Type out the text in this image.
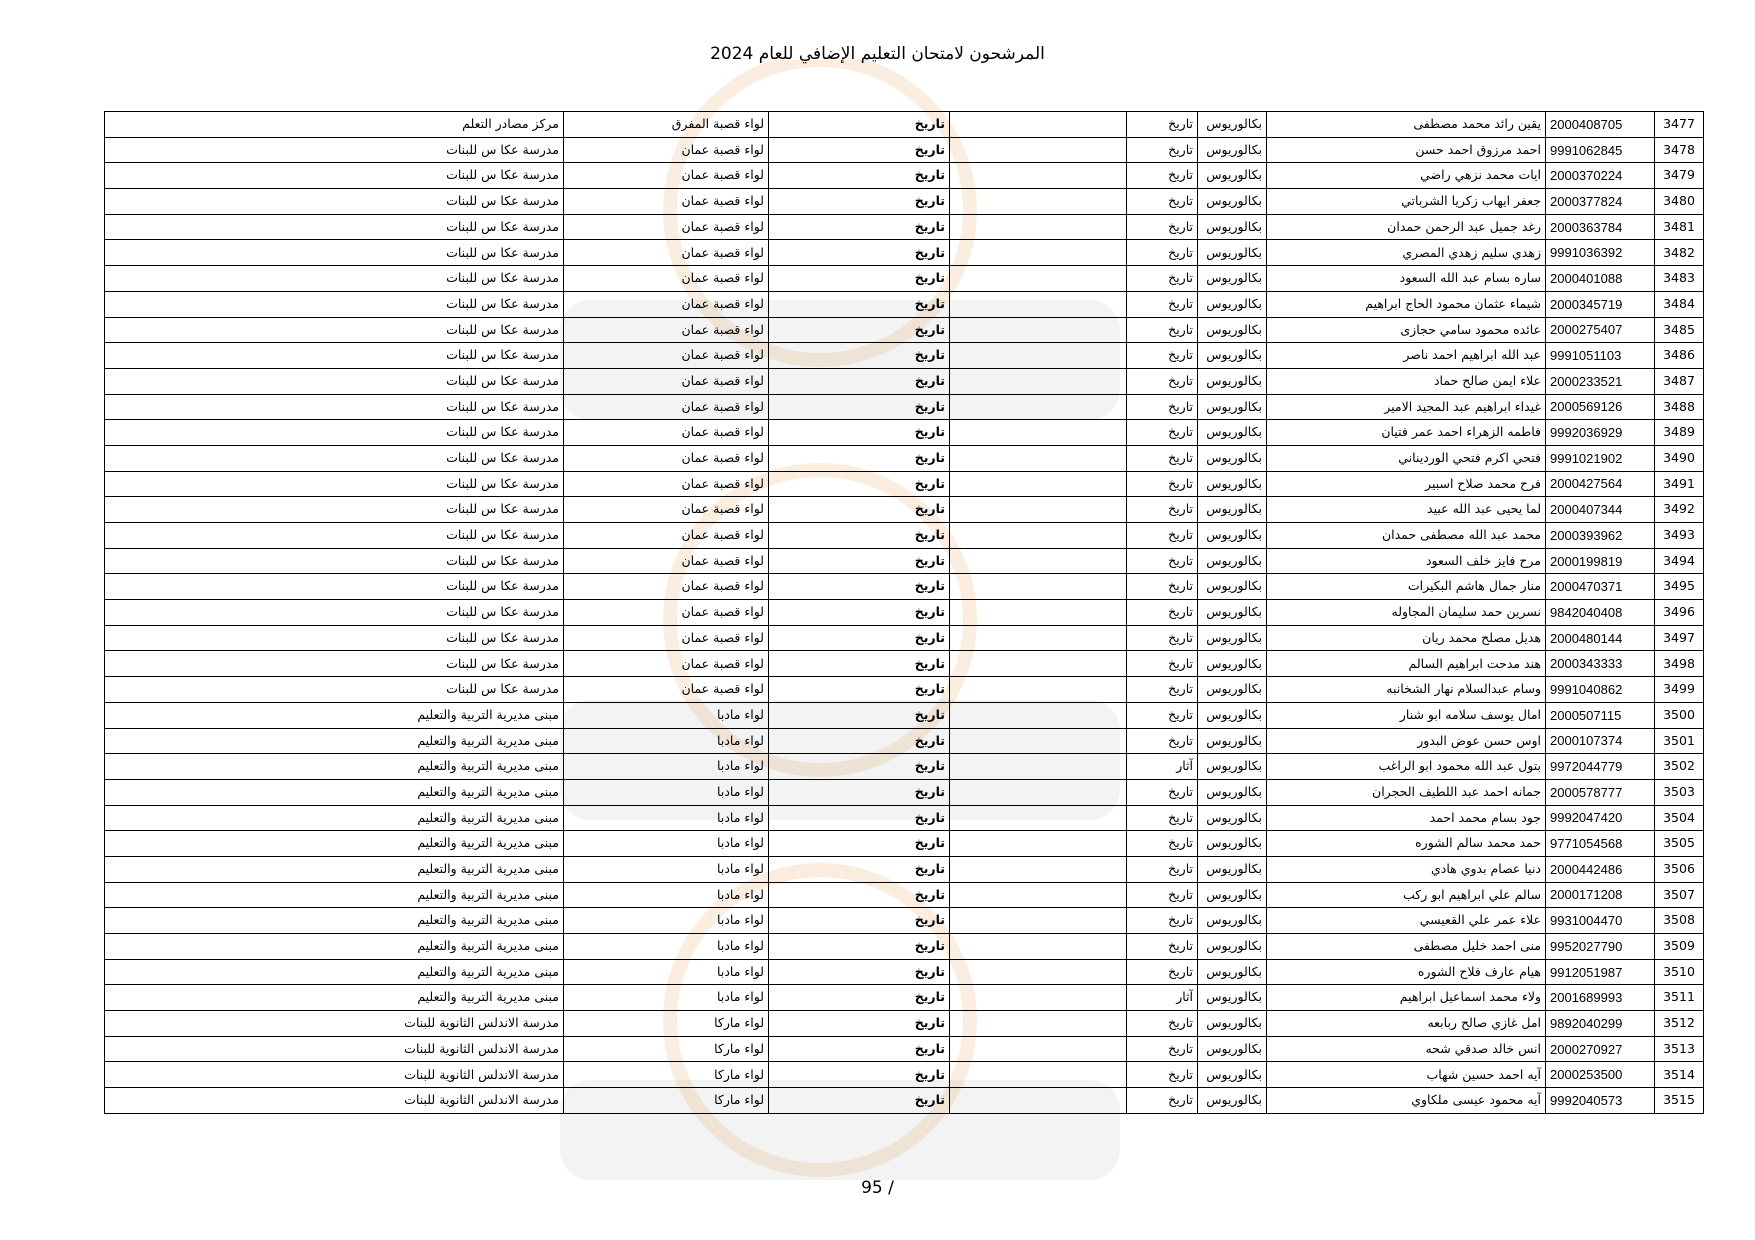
المرشحون لامتحان التعليم الإضافي للعام 2024
3477	2000408705	يقين رائد محمد مصطفى	بكالوريوس	تاريخ		تاريخ	لواء قصبة المفرق	مركز مصادر التعلم
3478	9991062845	احمد مرزوق احمد حسن	بكالوريوس	تاريخ		تاريخ	لواء قصبة عمان	مدرسة عكا س للبنات
3479	2000370224	ايات محمد نزهي راضي	بكالوريوس	تاريخ		تاريخ	لواء قصبة عمان	مدرسة عكا س للبنات
3480	2000377824	جعفر ايهاب زكريا الشرباتي	بكالوريوس	تاريخ		تاريخ	لواء قصبة عمان	مدرسة عكا س للبنات
3481	2000363784	رغد جميل عبد الرحمن حمدان	بكالوريوس	تاريخ		تاريخ	لواء قصبة عمان	مدرسة عكا س للبنات
3482	9991036392	زهدي سليم زهدي المصري	بكالوريوس	تاريخ		تاريخ	لواء قصبة عمان	مدرسة عكا س للبنات
3483	2000401088	ساره بسام عبد الله السعود	بكالوريوس	تاريخ		تاريخ	لواء قصبة عمان	مدرسة عكا س للبنات
3484	2000345719	شيماء عثمان محمود الحاج ابراهيم	بكالوريوس	تاريخ		تاريخ	لواء قصبة عمان	مدرسة عكا س للبنات
3485	2000275407	عائده محمود سامي حجازى	بكالوريوس	تاريخ		تاريخ	لواء قصبة عمان	مدرسة عكا س للبنات
3486	9991051103	عبد الله ابراهيم احمد ناصر	بكالوريوس	تاريخ		تاريخ	لواء قصبة عمان	مدرسة عكا س للبنات
3487	2000233521	علاء ايمن صالح حماد	بكالوريوس	تاريخ		تاريخ	لواء قصبة عمان	مدرسة عكا س للبنات
3488	2000569126	غيداء ابراهيم عبد المجيد الامير	بكالوريوس	تاريخ		تاريخ	لواء قصبة عمان	مدرسة عكا س للبنات
3489	9992036929	فاطمه الزهراء احمد عمر فتيان	بكالوريوس	تاريخ		تاريخ	لواء قصبة عمان	مدرسة عكا س للبنات
3490	9991021902	فتحي اكرم فتحي الورديناني	بكالوريوس	تاريخ		تاريخ	لواء قصبة عمان	مدرسة عكا س للبنات
3491	2000427564	فرح محمد صلاح اسبير	بكالوريوس	تاريخ		تاريخ	لواء قصبة عمان	مدرسة عكا س للبنات
3492	2000407344	لما يحيى عبد الله عبيد	بكالوريوس	تاريخ		تاريخ	لواء قصبة عمان	مدرسة عكا س للبنات
3493	2000393962	محمد عبد الله مصطفى حمدان	بكالوريوس	تاريخ		تاريخ	لواء قصبة عمان	مدرسة عكا س للبنات
3494	2000199819	مرح فايز خلف السعود	بكالوريوس	تاريخ		تاريخ	لواء قصبة عمان	مدرسة عكا س للبنات
3495	2000470371	منار جمال هاشم البكيرات	بكالوريوس	تاريخ		تاريخ	لواء قصبة عمان	مدرسة عكا س للبنات
3496	9842040408	نسرين حمد سليمان المجاوله	بكالوريوس	تاريخ		تاريخ	لواء قصبة عمان	مدرسة عكا س للبنات
3497	2000480144	هديل مصلح محمد ريان	بكالوريوس	تاريخ		تاريخ	لواء قصبة عمان	مدرسة عكا س للبنات
3498	2000343333	هند مدحت ابراهيم السالم	بكالوريوس	تاريخ		تاريخ	لواء قصبة عمان	مدرسة عكا س للبنات
3499	9991040862	وسام عبدالسلام نهار الشخانبه	بكالوريوس	تاريخ		تاريخ	لواء قصبة عمان	مدرسة عكا س للبنات
3500	2000507115	امال يوسف سلامه ابو شنار	بكالوريوس	تاريخ		تاريخ	لواء مادبا	مبنى مديرية التربية والتعليم
3501	2000107374	اوس حسن عوض البدور	بكالوريوس	تاريخ		تاريخ	لواء مادبا	مبنى مديرية التربية والتعليم
3502	9972044779	بتول عبد الله محمود ابو الراغب	بكالوريوس	آثار		تاريخ	لواء مادبا	مبنى مديرية التربية والتعليم
3503	2000578777	جمانه احمد عبد اللطيف الحجران	بكالوريوس	تاريخ		تاريخ	لواء مادبا	مبنى مديرية التربية والتعليم
3504	9992047420	جود بسام محمد احمد	بكالوريوس	تاريخ		تاريخ	لواء مادبا	مبنى مديرية التربية والتعليم
3505	9771054568	حمد محمد سالم الشوره	بكالوريوس	تاريخ		تاريخ	لواء مادبا	مبنى مديرية التربية والتعليم
3506	2000442486	دنيا عصام بدوي هادي	بكالوريوس	تاريخ		تاريخ	لواء مادبا	مبنى مديرية التربية والتعليم
3507	2000171208	سالم علي ابراهيم ابو ركب	بكالوريوس	تاريخ		تاريخ	لواء مادبا	مبنى مديرية التربية والتعليم
3508	9931004470	علاء عمر علي القعيسي	بكالوريوس	تاريخ		تاريخ	لواء مادبا	مبنى مديرية التربية والتعليم
3509	9952027790	منى احمد خليل مصطفى	بكالوريوس	تاريخ		تاريخ	لواء مادبا	مبنى مديرية التربية والتعليم
3510	9912051987	هيام عارف فلاح الشوره	بكالوريوس	تاريخ		تاريخ	لواء مادبا	مبنى مديرية التربية والتعليم
3511	2001689993	ولاء محمد اسماعيل ابراهيم	بكالوريوس	آثار		تاريخ	لواء مادبا	مبنى مديرية التربية والتعليم
3512	9892040299	امل غازي صالح ربابعه	بكالوريوس	تاريخ		تاريخ	لواء ماركا	مدرسة الاندلس الثانوية للبنات
3513	2000270927	انس خالد صدقي شحه	بكالوريوس	تاريخ		تاريخ	لواء ماركا	مدرسة الاندلس الثانوية للبنات
3514	2000253500	آيه احمد حسين شهاب	بكالوريوس	تاريخ		تاريخ	لواء ماركا	مدرسة الاندلس الثانوية للبنات
3515	9992040573	آيه محمود عيسى ملكاوي	بكالوريوس	تاريخ		تاريخ	لواء ماركا	مدرسة الاندلس الثانوية للبنات
95 /
